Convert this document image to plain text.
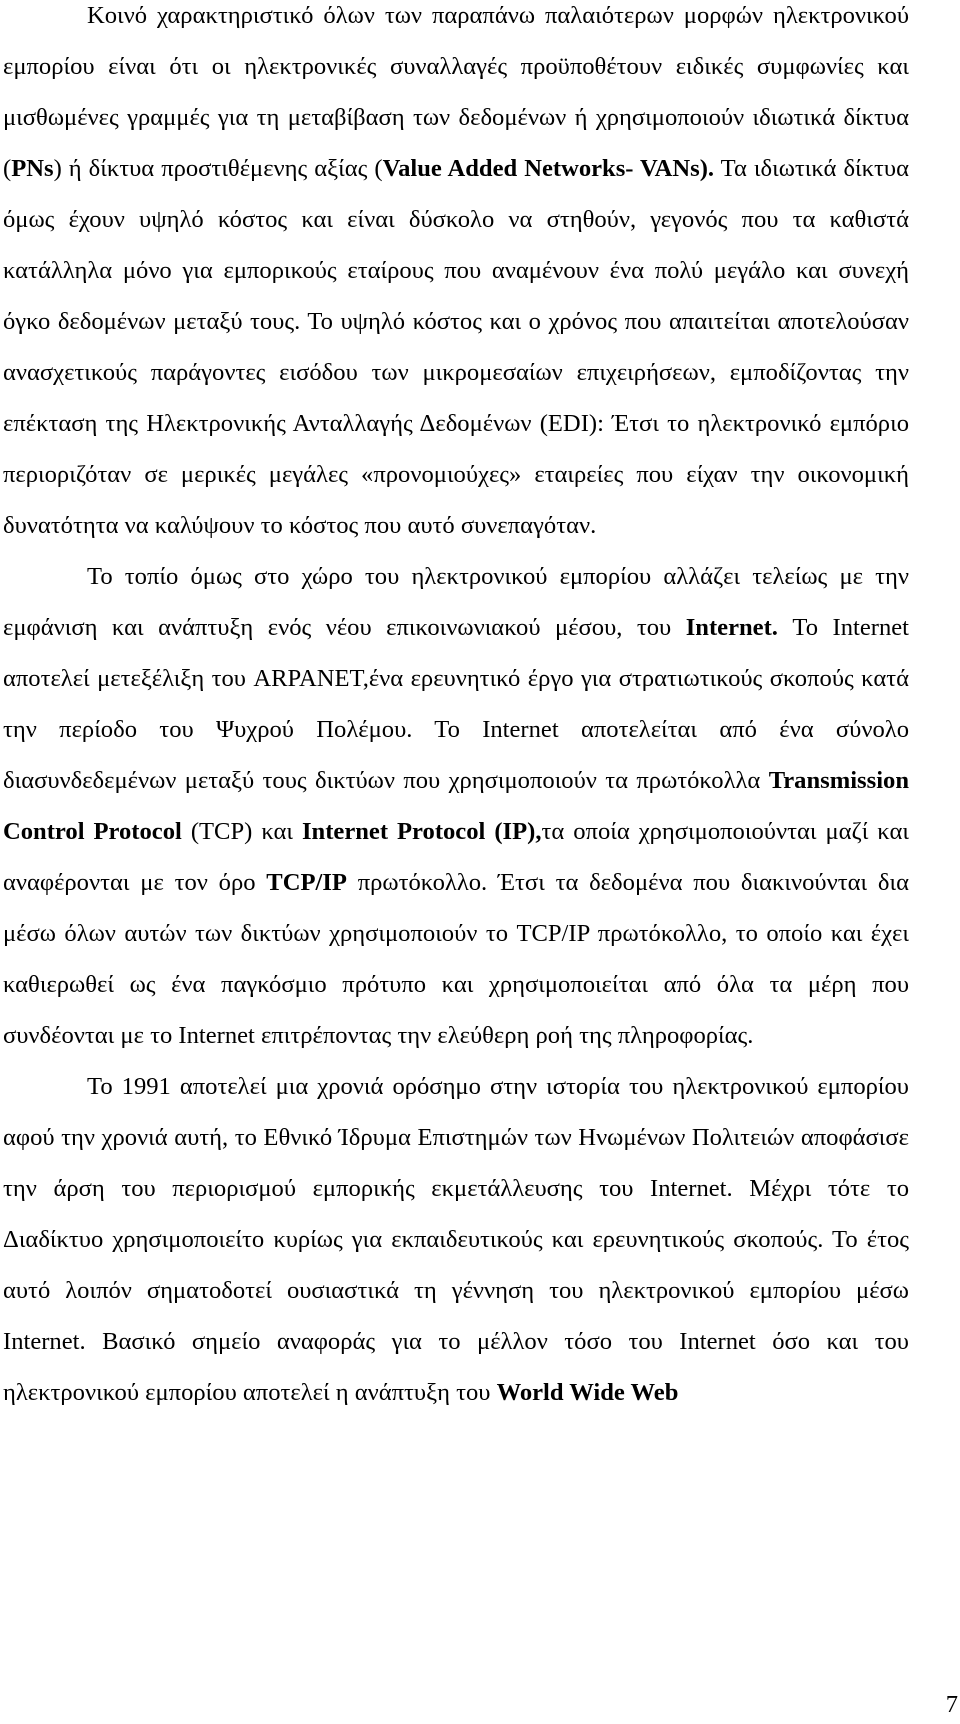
Κοινό χαρακτηριστικό όλων των παραπάνω παλαιότερων μορφών ηλεκτρονικού εμπορίου είναι ότι οι ηλεκτρονικές συναλλαγές προϋποθέτουν ειδικές συμφωνίες και μισθωμένες γραμμές για τη μεταβίβαση των δεδομένων ή χρησιμοποιούν ιδιωτικά δίκτυα (PNs) ή δίκτυα προστιθέμενης αξίας (Value Added Networks- VANs). Τα ιδιωτικά δίκτυα όμως έχουν υψηλό κόστος και είναι δύσκολο να στηθούν, γεγονός που τα καθιστά κατάλληλα μόνο για εμπορικούς εταίρους που αναμένουν ένα πολύ μεγάλο και συνεχή όγκο δεδομένων μεταξύ τους. Το υψηλό κόστος και ο χρόνος που απαιτείται αποτελούσαν ανασχετικούς παράγοντες εισόδου των μικρομεσαίων επιχειρήσεων, εμποδίζοντας την επέκταση της Ηλεκτρονικής Ανταλλαγής Δεδομένων (EDI): Έτσι το ηλεκτρονικό εμπόριο περιοριζόταν σε μερικές μεγάλες «προνομιούχες» εταιρείες που είχαν την οικονομική δυνατότητα να καλύψουν το κόστος που αυτό συνεπαγόταν.

Το τοπίο όμως στο χώρο του ηλεκτρονικού εμπορίου αλλάζει τελείως με την εμφάνιση και ανάπτυξη ενός νέου επικοινωνιακού μέσου, του Internet. Το Internet αποτελεί μετεξέλιξη του ARPANET,ένα ερευνητικό έργο για στρατιωτικούς σκοπούς κατά την περίοδο του Ψυχρού Πολέμου. Το Internet αποτελείται από ένα σύνολο διασυνδεδεμένων μεταξύ τους δικτύων που χρησιμοποιούν τα πρωτόκολλα Transmission Control Protocol (TCP) και Internet Protocol (IP),τα οποία χρησιμοποιούνται μαζί και αναφέρονται με τον όρο TCP/IP πρωτόκολλο. Έτσι τα δεδομένα που διακινούνται δια μέσω όλων αυτών των δικτύων χρησιμοποιούν το TCP/IP πρωτόκολλο, το οποίο και έχει καθιερωθεί ως ένα παγκόσμιο πρότυπο και χρησιμοποιείται από όλα τα μέρη που συνδέονται με το Internet επιτρέποντας την ελεύθερη ροή της πληροφορίας.

Το 1991 αποτελεί μια χρονιά ορόσημο στην ιστορία του ηλεκτρονικού εμπορίου αφού την χρονιά αυτή, το Εθνικό Ίδρυμα Επιστημών των Ηνωμένων Πολιτειών αποφάσισε την άρση του περιορισμού εμπορικής εκμετάλλευσης του Internet. Μέχρι τότε το Διαδίκτυο χρησιμοποιείτο κυρίως για εκπαιδευτικούς και ερευνητικούς σκοπούς. Το έτος αυτό λοιπόν σηματοδοτεί ουσιαστικά τη γέννηση του ηλεκτρονικού εμπορίου μέσω Internet. Βασικό σημείο αναφοράς για το μέλλον τόσο του Internet όσο και του ηλεκτρονικού εμπορίου αποτελεί η ανάπτυξη του World Wide Web

7
